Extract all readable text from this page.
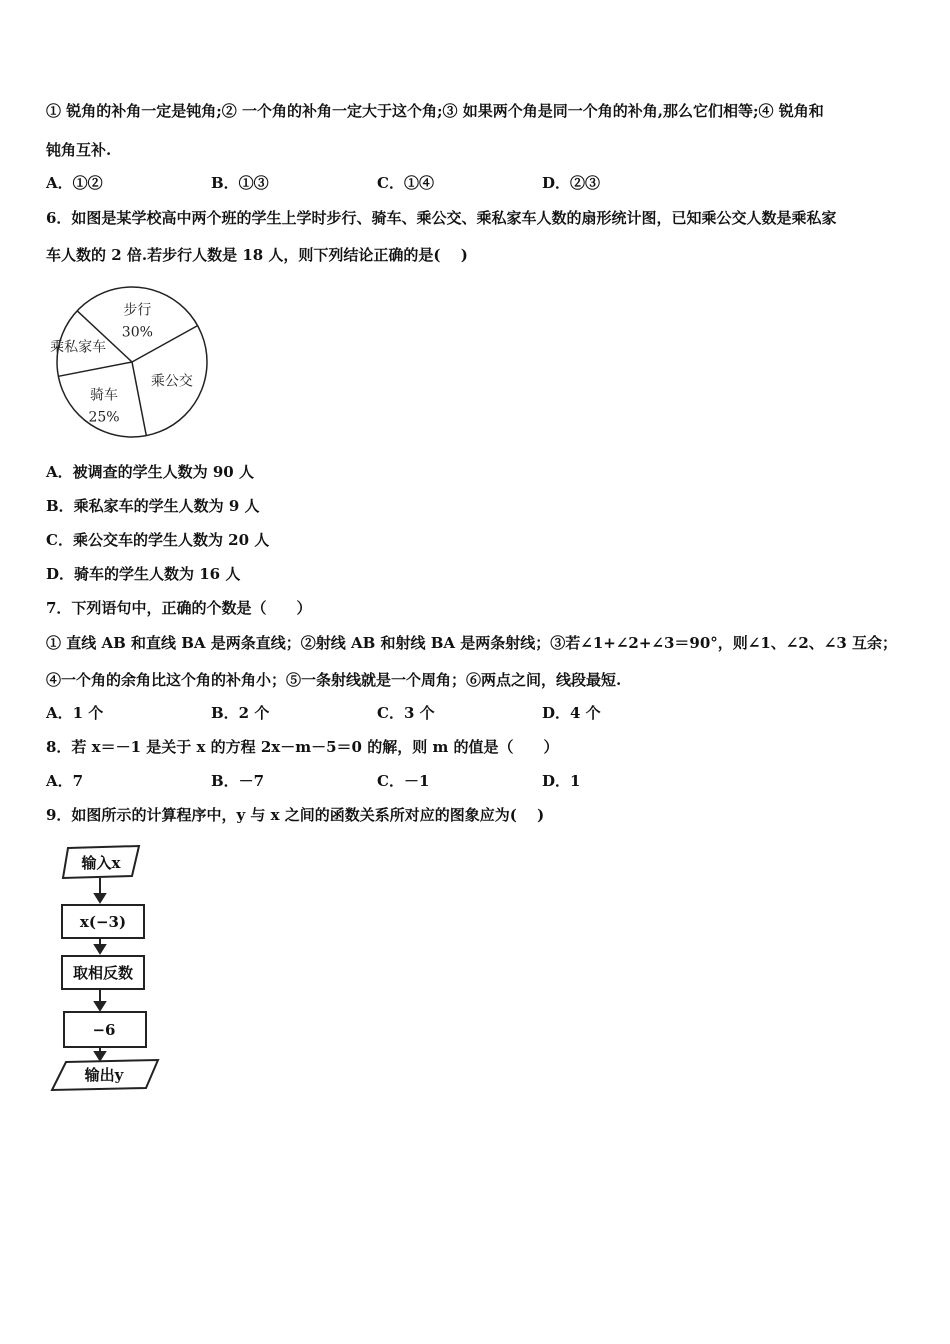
① 锐角的补角一定是钝角;② 一个角的补角一定大于这个角;③ 如果两个角是同一个角的补角,那么它们相等;④ 锐角和
钝角互补.
A．①②	B．①③	C．①④	D．②③
6．如图是某学校高中两个班的学生上学时步行、骑车、乘公交、乘私家车人数的扇形统计图，已知乘公交人数是乘私家
车人数的 2 倍.若步行人数是 18 人，则下列结论正确的是(　 )
步行
30%
乘公交
骑车
25%
乘私家车
A．被调查的学生人数为 90 人
B．乘私家车的学生人数为 9 人
C．乘公交车的学生人数为 20 人
D．骑车的学生人数为 16 人
7．下列语句中，正确的个数是（　　）
① 直线 AB 和直线 BA 是两条直线；②射线 AB 和射线 BA 是两条射线；③若∠1+∠2+∠3＝90°，则∠1、∠2、∠3 互余；
④一个角的余角比这个角的补角小；⑤一条射线就是一个周角；⑥两点之间，线段最短.
A．1 个	B．2 个	C．3 个	D．4 个
8．若 x＝－1 是关于 x 的方程 2x－m－5＝0 的解，则 m 的值是（　　）
A．7	B．－7	C．－1	D．1
9．如图所示的计算程序中，y 与 x 之间的函数关系所对应的图象应为(　 )
输入x
x(−3)
取相反数
−6
输出y
